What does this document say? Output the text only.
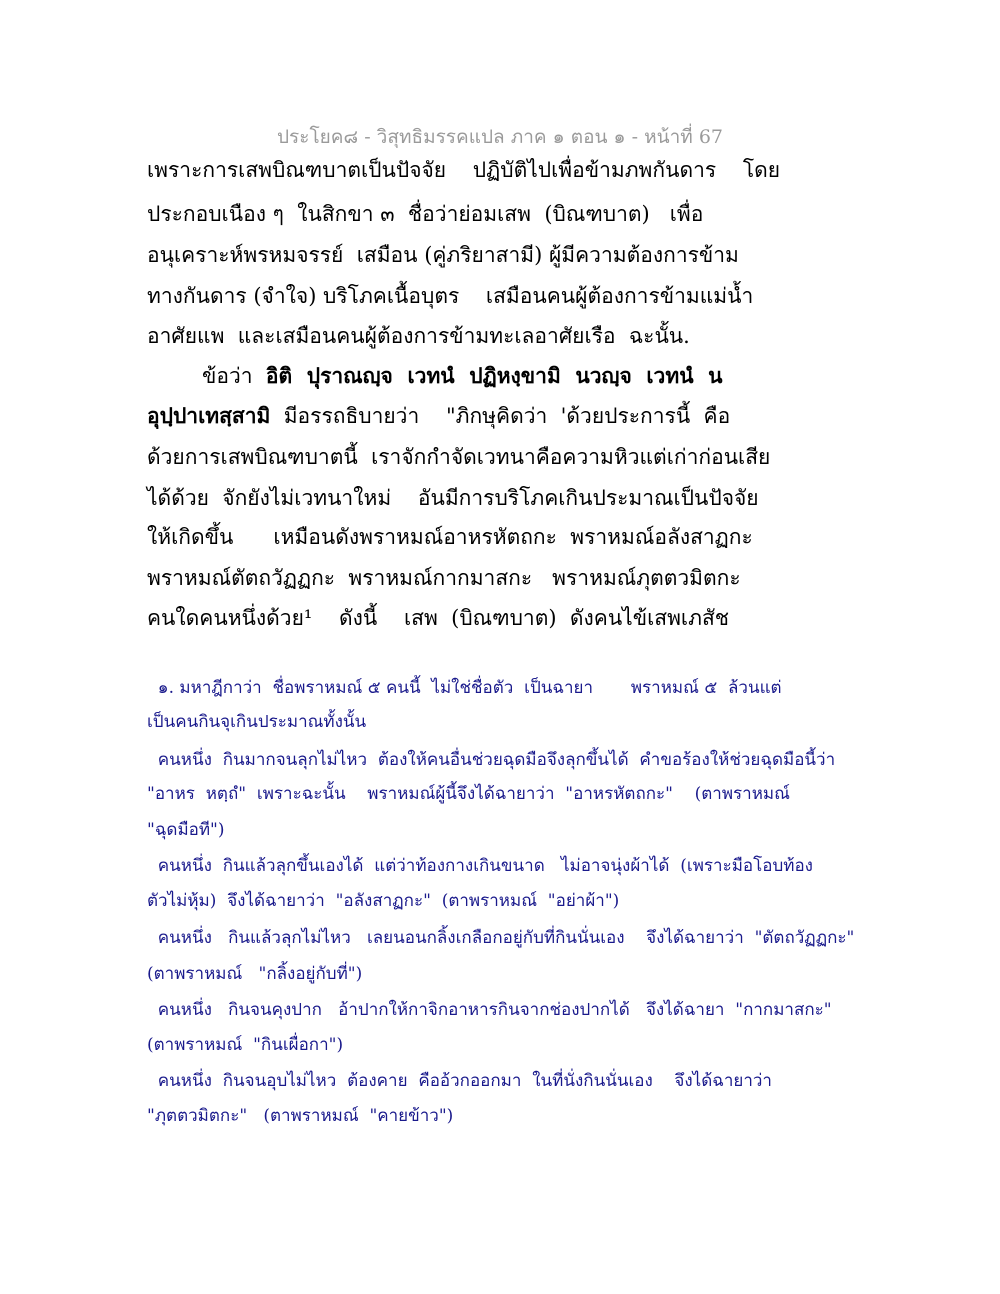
ประโยค๘ - วิสุทธิมรรคแปล ภาค ๑ ตอน ๑ - หน้าที่ 67
เพราะการเสพบิณฑบาตเป็นปัจจัย    ปฏิบัติไปเพื่อข้ามภพกันดาร    โดย
ประกอบเนือง ๆ  ในสิกขา ๓  ชื่อว่าย่อมเสพ  (บิณฑบาต)   เพื่อ
อนุเคราะห์พรหมจรรย์  เสมือน (คู่ภริยาสามี) ผู้มีความต้องการข้าม
ทางกันดาร (จำใจ) บริโภคเนื้อบุตร    เสมือนคนผู้ต้องการข้ามแม่น้ำ
อาศัยแพ  และเสมือนคนผู้ต้องการข้ามทะเลอาศัยเรือ  ฉะนั้น.
ข้อว่า  อิติ  ปุราณญฺจ  เวทนํ  ปฏิหงฺขามิ  นวญฺจ  เวทนํ  น
อุปฺปาเทสฺสามิ  มีอรรถธิบายว่า    "ภิกษุคิดว่า  'ด้วยประการนี้  คือ
ด้วยการเสพบิณฑบาตนี้  เราจักกำจัดเวทนาคือความหิวแต่เก่าก่อนเสีย
ได้ด้วย  จักยังไม่เวทนาใหม่    อันมีการบริโภคเกินประมาณเป็นปัจจัย
ให้เกิดขึ้น      เหมือนดังพราหมณ์อาหรหัตถกะ  พราหมณ์อลังสาฏกะ
พราหมณ์ตัตถวัฏฏกะ  พราหมณ์กากมาสกะ   พราหมณ์ภุตตวมิตกะ
คนใดคนหนึ่งด้วย¹    ดังนี้    เสพ  (บิณฑบาต)  ดังคนไข้เสพเภสัช
๑. มหาฎีกาว่า  ชื่อพราหมณ์ ๕ คนนี้  ไม่ใช่ชื่อตัว  เป็นฉายา       พราหมณ์ ๕  ล้วนแต่
เป็นคนกินจุเกินประมาณทั้งนั้น
คนหนึ่ง  กินมากจนลุกไม่ไหว  ต้องให้คนอื่นช่วยฉุดมือจึงลุกขึ้นได้  คำขอร้องให้ช่วยฉุดมือนี้ว่า
"อาหร  หตฺถํ"  เพราะฉะนั้น    พราหมณ์ผู้นี้จึงได้ฉายาว่า  "อาหรหัตถกะ"    (ตาพราหมณ์
"ฉุดมือที")
คนหนึ่ง  กินแล้วลุกขึ้นเองได้  แต่ว่าท้องกางเกินขนาด   ไม่อาจนุ่งผ้าได้  (เพราะมือโอบท้อง
ตัวไม่หุ้ม)  จึงได้ฉายาว่า  "อลังสาฏกะ"  (ตาพราหมณ์  "อย่าผ้า")
คนหนึ่ง   กินแล้วลุกไม่ไหว   เลยนอนกลิ้งเกลือกอยู่กับที่กินนั่นเอง    จึงได้ฉายาว่า  "ตัตถวัฏฏกะ"
(ตาพราหมณ์   "กลิ้งอยู่กับที่")
คนหนึ่ง   กินจนคุงปาก   อ้าปากให้กาจิกอาหารกินจากช่องปากได้   จึงได้ฉายา  "กากมาสกะ"
(ตาพราหมณ์  "กินเผื่อกา")
คนหนึ่ง  กินจนอุบไม่ไหว  ต้องคาย  คืออ้วกออกมา  ในที่นั่งกินนั่นเอง    จึงได้ฉายาว่า
"ภุตตวมิตกะ"   (ตาพราหมณ์  "คายข้าว")
